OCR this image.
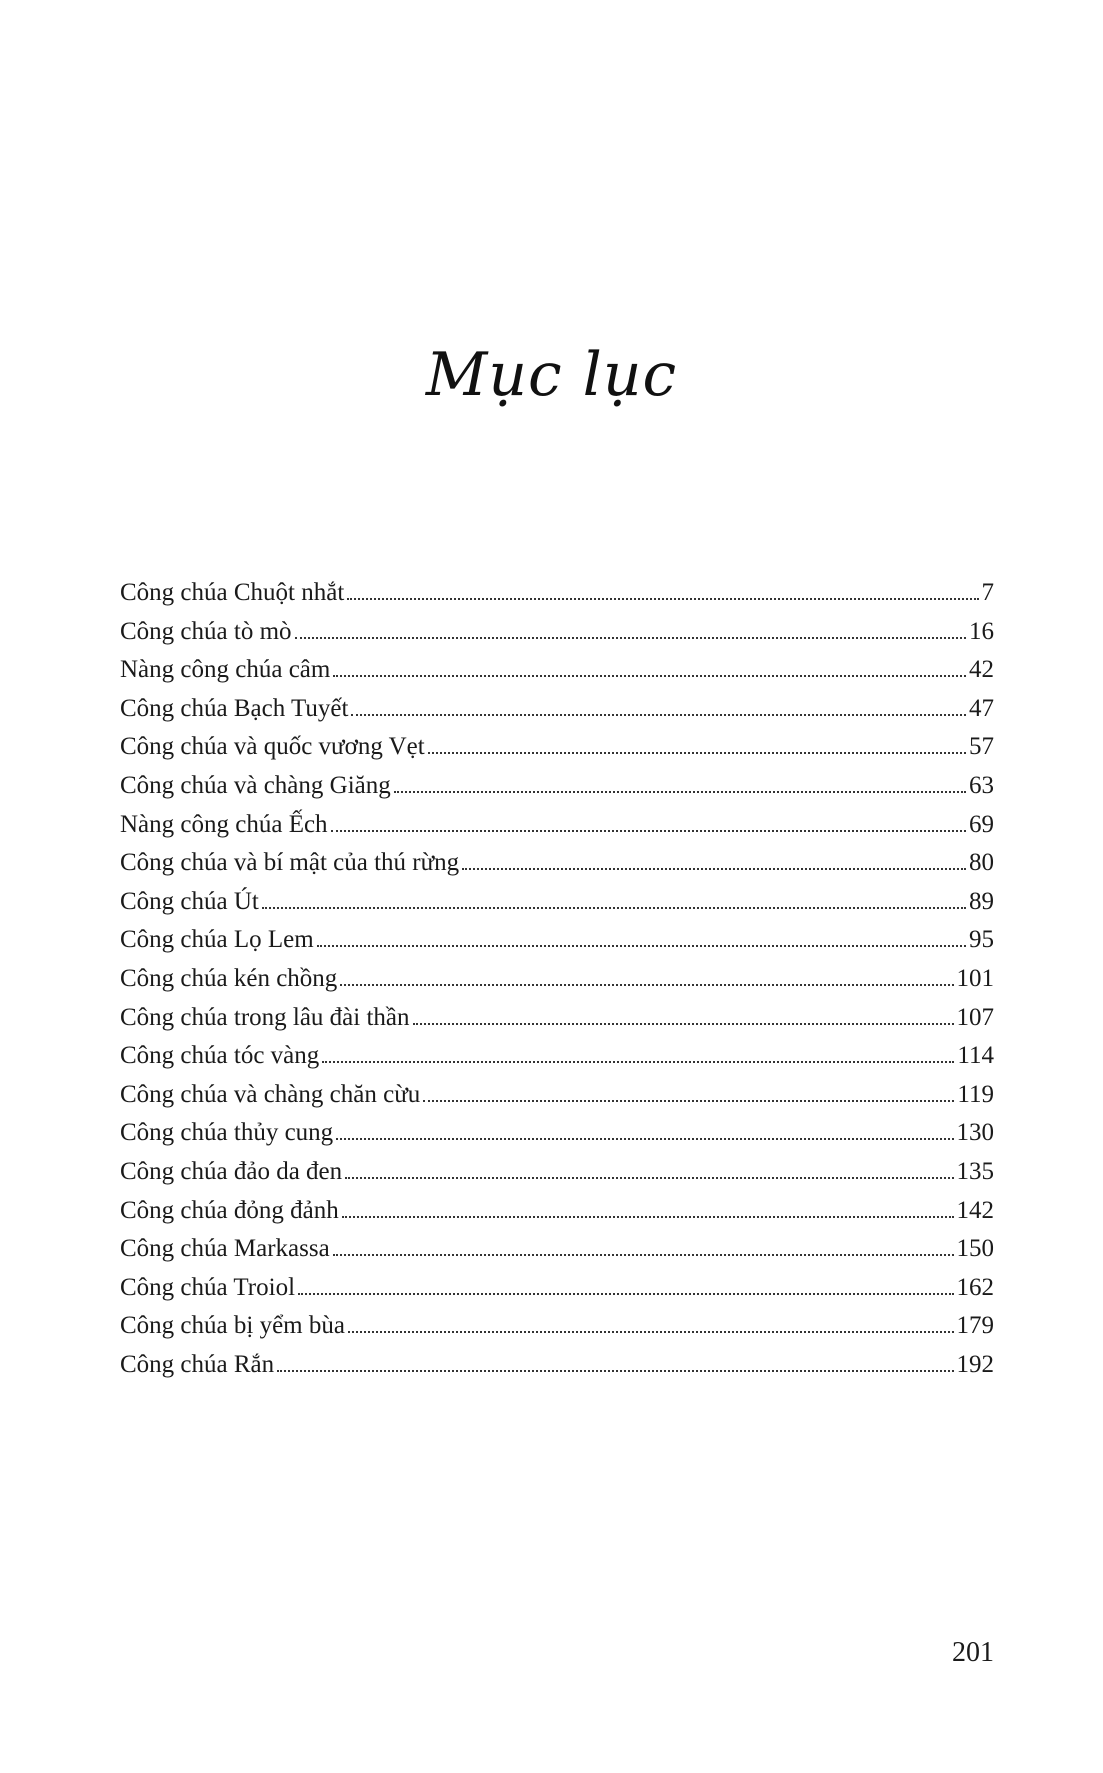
Mục lục
Công chúa Chuột nhắt	7
Công chúa tò mò	16
Nàng công chúa câm	42
Công chúa Bạch Tuyết	47
Công chúa và quốc vương Vẹt	57
Công chúa và chàng Giăng	63
Nàng công chúa Ếch	69
Công chúa và bí mật của thú rừng	80
Công chúa Út	89
Công chúa Lọ Lem	95
Công chúa kén chồng	101
Công chúa trong lâu đài thần	107
Công chúa tóc vàng	114
Công chúa và chàng chăn cừu	119
Công chúa thủy cung	130
Công chúa đảo da đen	135
Công chúa đỏng đảnh	142
Công chúa Markassa	150
Công chúa Troiol	162
Công chúa bị yểm bùa	179
Công chúa Rắn	192
201
